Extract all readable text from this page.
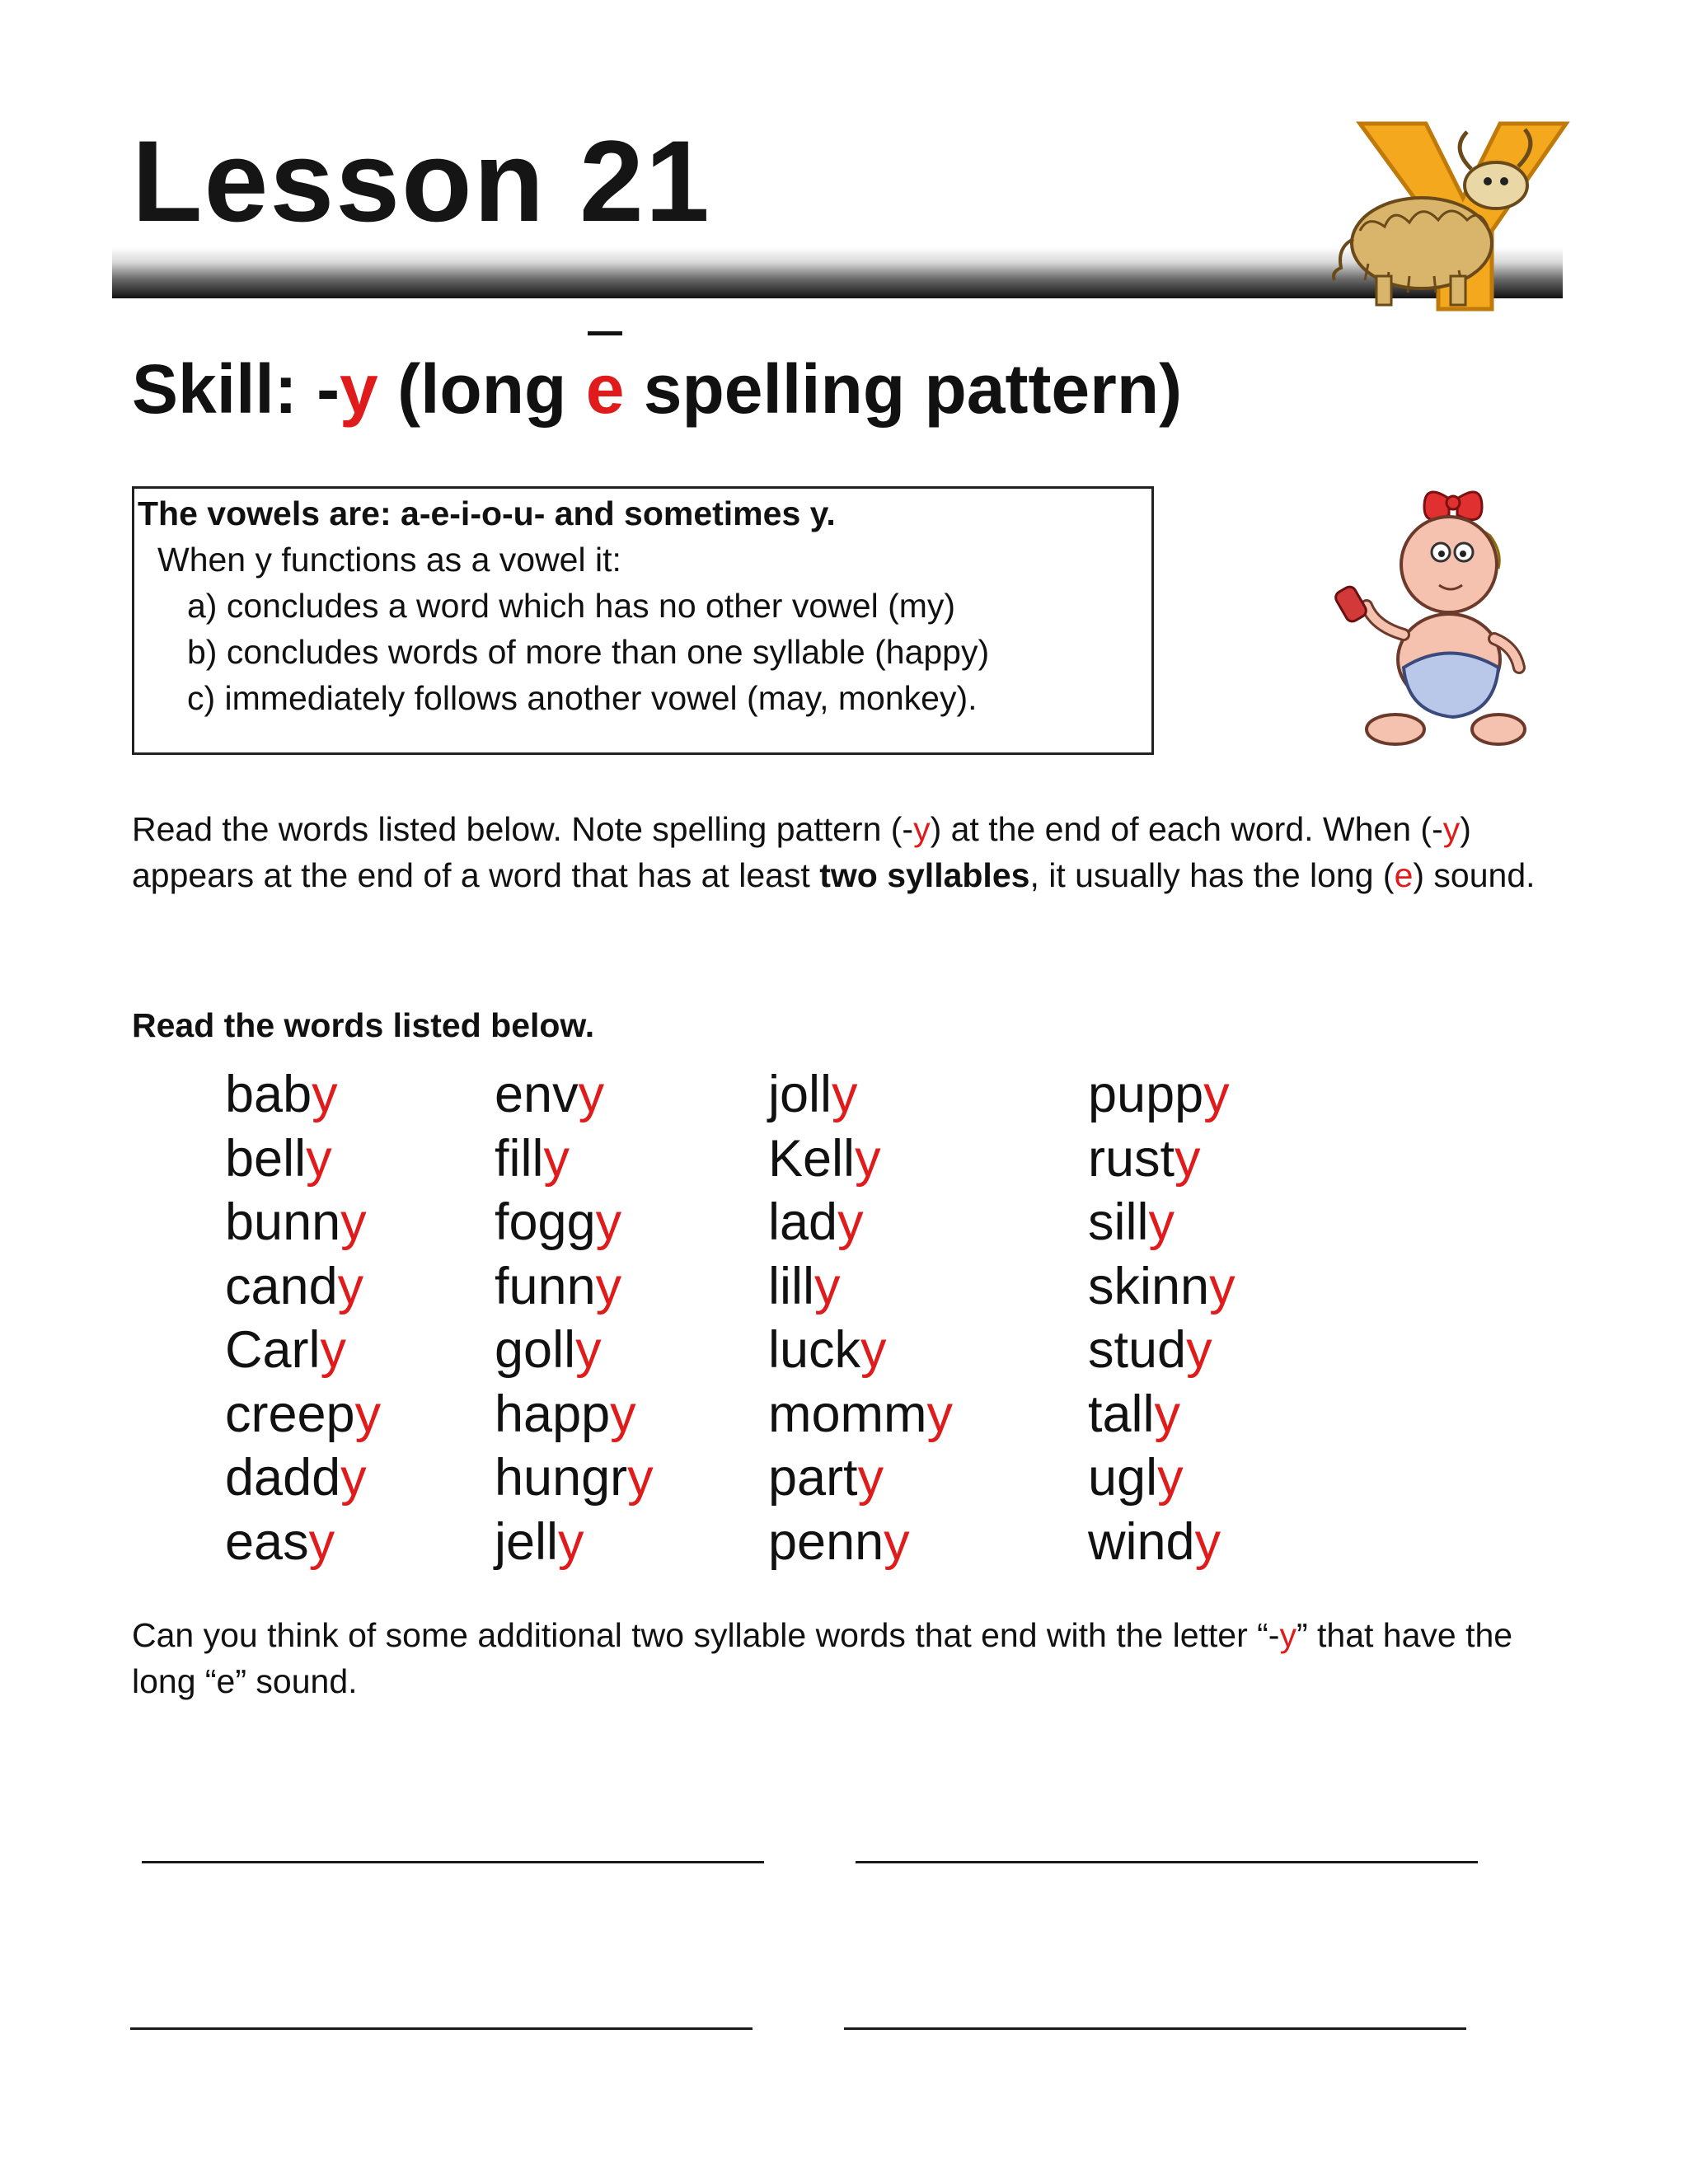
Lesson 21
Skill: -y (long
e spelling pattern)
The vowels are: a-e-i-o-u- and sometimes y.
When y functions as a vowel it:
a) concludes a word which has no other vowel (my)
b) concludes words of more than one syllable (happy)
c) immediately follows another vowel (may, monkey).
Read the words listed below. Note spelling pattern (-y) at the end of each word. When (-y) appears at the end of a word that has at least two syllables, it usually has the long (e) sound.
Read the words listed below.
baby
belly
bunny
candy
Carly
creepy
daddy
easy
envy
filly
foggy
funny
golly
happy
hungry
jelly
jolly
Kelly
lady
lilly
lucky
mommy
party
penny
puppy
rusty
silly
skinny
study
tally
ugly
windy
Can you think of some additional two syllable words that end with the letter “-y” that have the long “e” sound.
